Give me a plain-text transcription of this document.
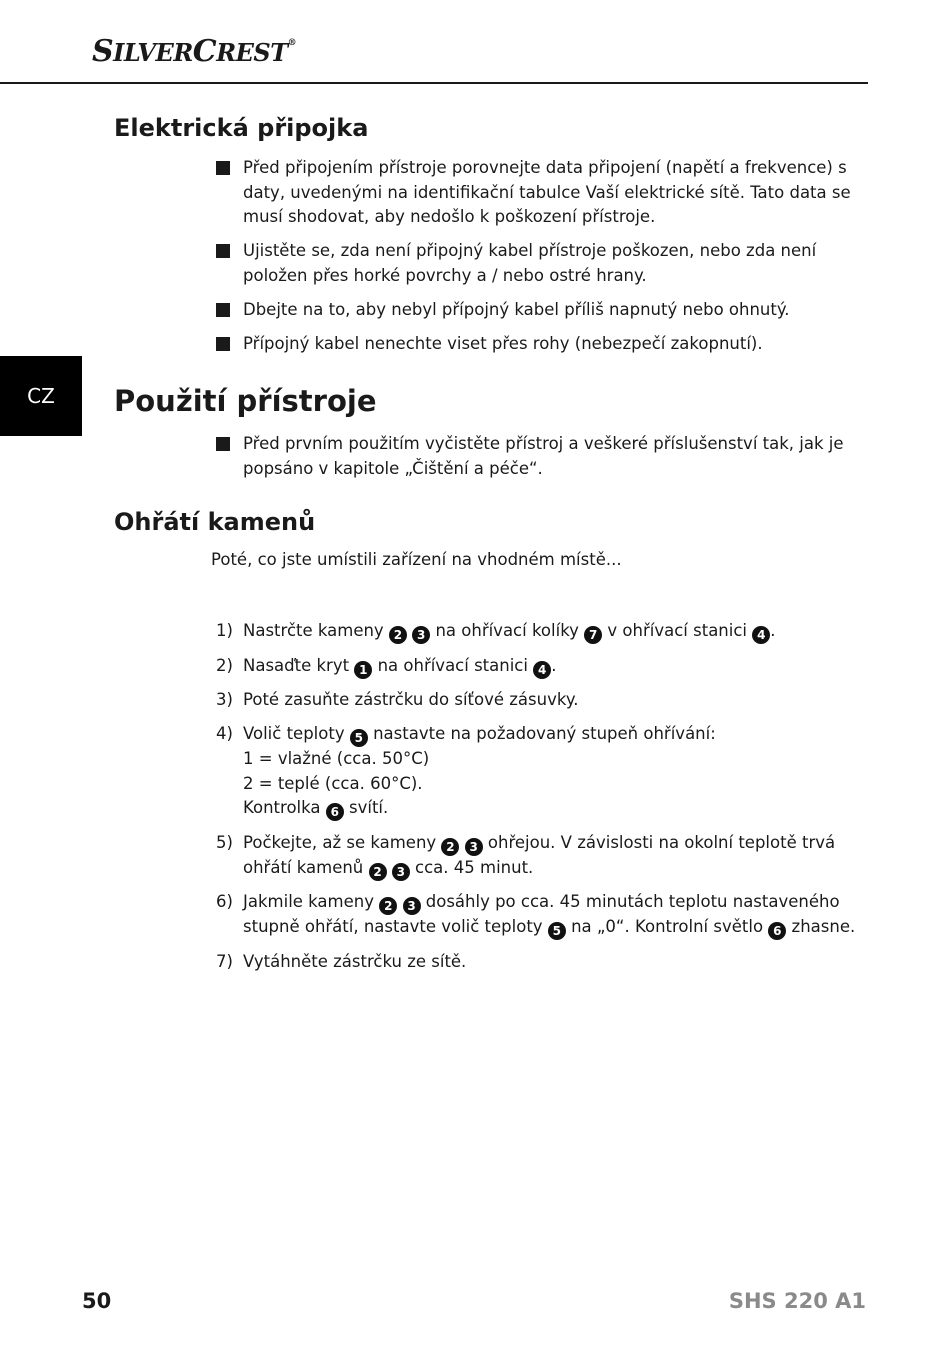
SILVERCREST®
CZ
Elektrická připojka
Před připojením přístroje porovnejte data připojení (napětí a frekvence) s daty, uvedenými na identifikační tabulce Vaší elektrické sítě. Tato data se musí shodovat, aby nedošlo k poškození přístroje.
Ujistěte se, zda není připojný kabel přístroje poškozen, nebo zda není položen přes horké povrchy a / nebo ostré hrany.
Dbejte na to, aby nebyl přípojný kabel příliš napnutý nebo ohnutý.
Přípojný kabel nenechte viset přes rohy (nebezpečí zakopnutí).
Použití přístroje
Před prvním použitím vyčistěte přístroj a veškeré příslušenství tak, jak je popsáno v kapitole „Čištění a péče“.
Ohřátí kamenů
Poté, co jste umístili zařízení na vhodném místě...
1) Nastrčte kameny 2 3 na ohřívací kolíky 7 v ohřívací stanici 4 .
2) Nasaďte kryt 1 na ohřívací stanici 4 .
3) Poté zasuňte zástrčku do síťové zásuvky.
4) Volič teploty 5 nastavte na požadovaný stupeň ohřívání:
1 = vlažné (cca. 50°C)
2 = teplé (cca. 60°C).
Kontrolka 6 svítí.
5) Počkejte, až se kameny 2 3 ohřejou. V závislosti na okolní teplotě trvá ohřátí kamenů 2 3 cca. 45 minut.
6) Jakmile kameny 2 3 dosáhly po cca. 45 minutách teplotu nastaveného stupně ohřátí, nastavte volič teploty 5 na „0“. Kontrolní světlo 6 zhasne.
7) Vytáhněte zástrčku ze sítě.
50	SHS 220 A1
